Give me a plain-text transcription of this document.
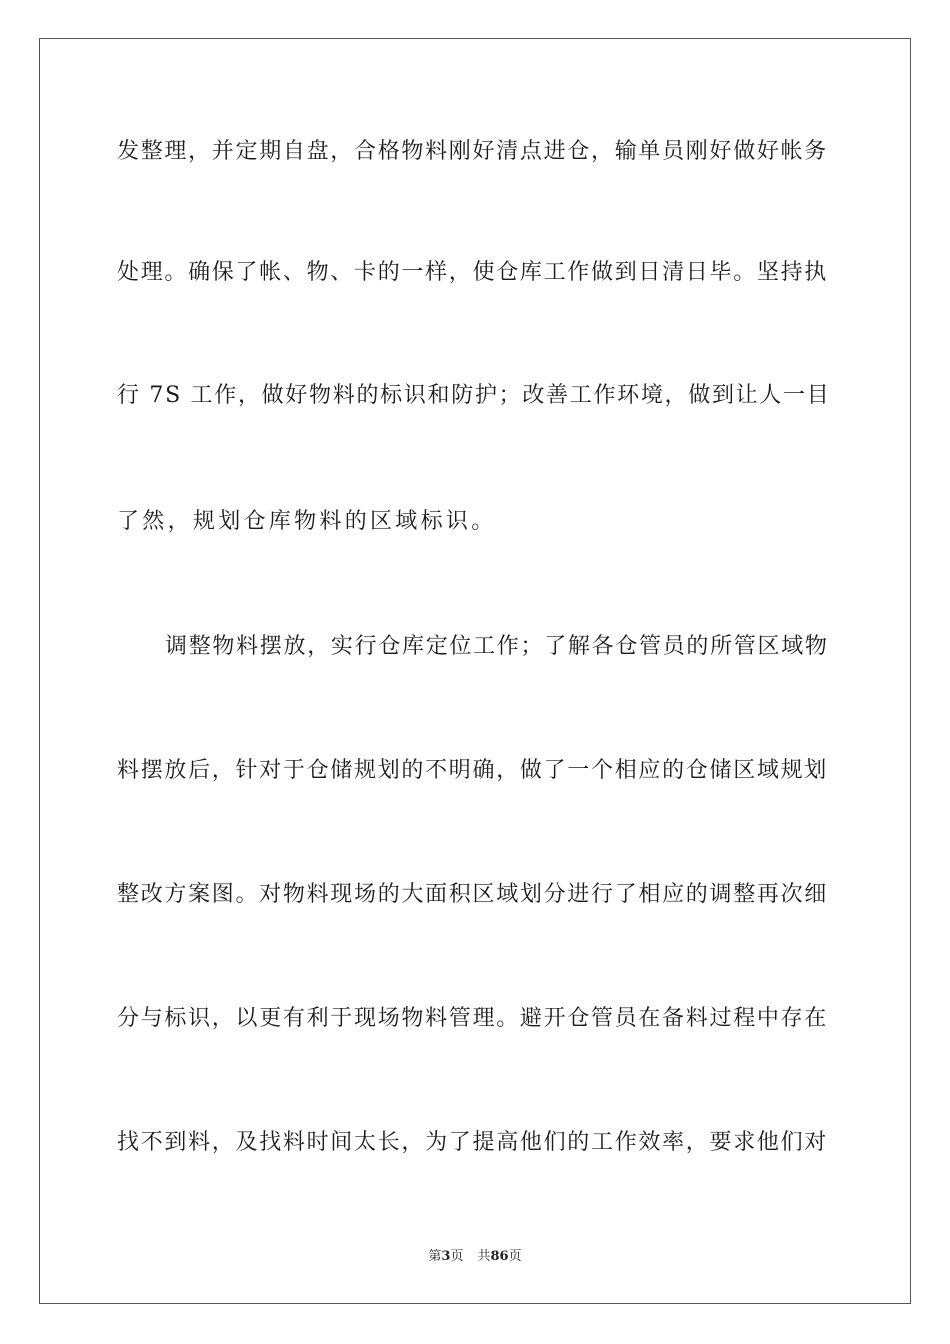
发整理，并定期自盘，合格物料刚好清点进仓，输单员刚好做好帐务
处理。确保了帐、物、卡的一样，使仓库工作做到日清日毕。坚持执
行 7S 工作，做好物料的标识和防护；改善工作环境，做到让人一目
了然，规划仓库物料的区域标识。
调整物料摆放，实行仓库定位工作；了解各仓管员的所管区域物
料摆放后，针对于仓储规划的不明确，做了一个相应的仓储区域规划
整改方案图。对物料现场的大面积区域划分进行了相应的调整再次细
分与标识，以更有利于现场物料管理。避开仓管员在备料过程中存在
找不到料，及找料时间太长，为了提高他们的工作效率，要求他们对
第3页 共86页
